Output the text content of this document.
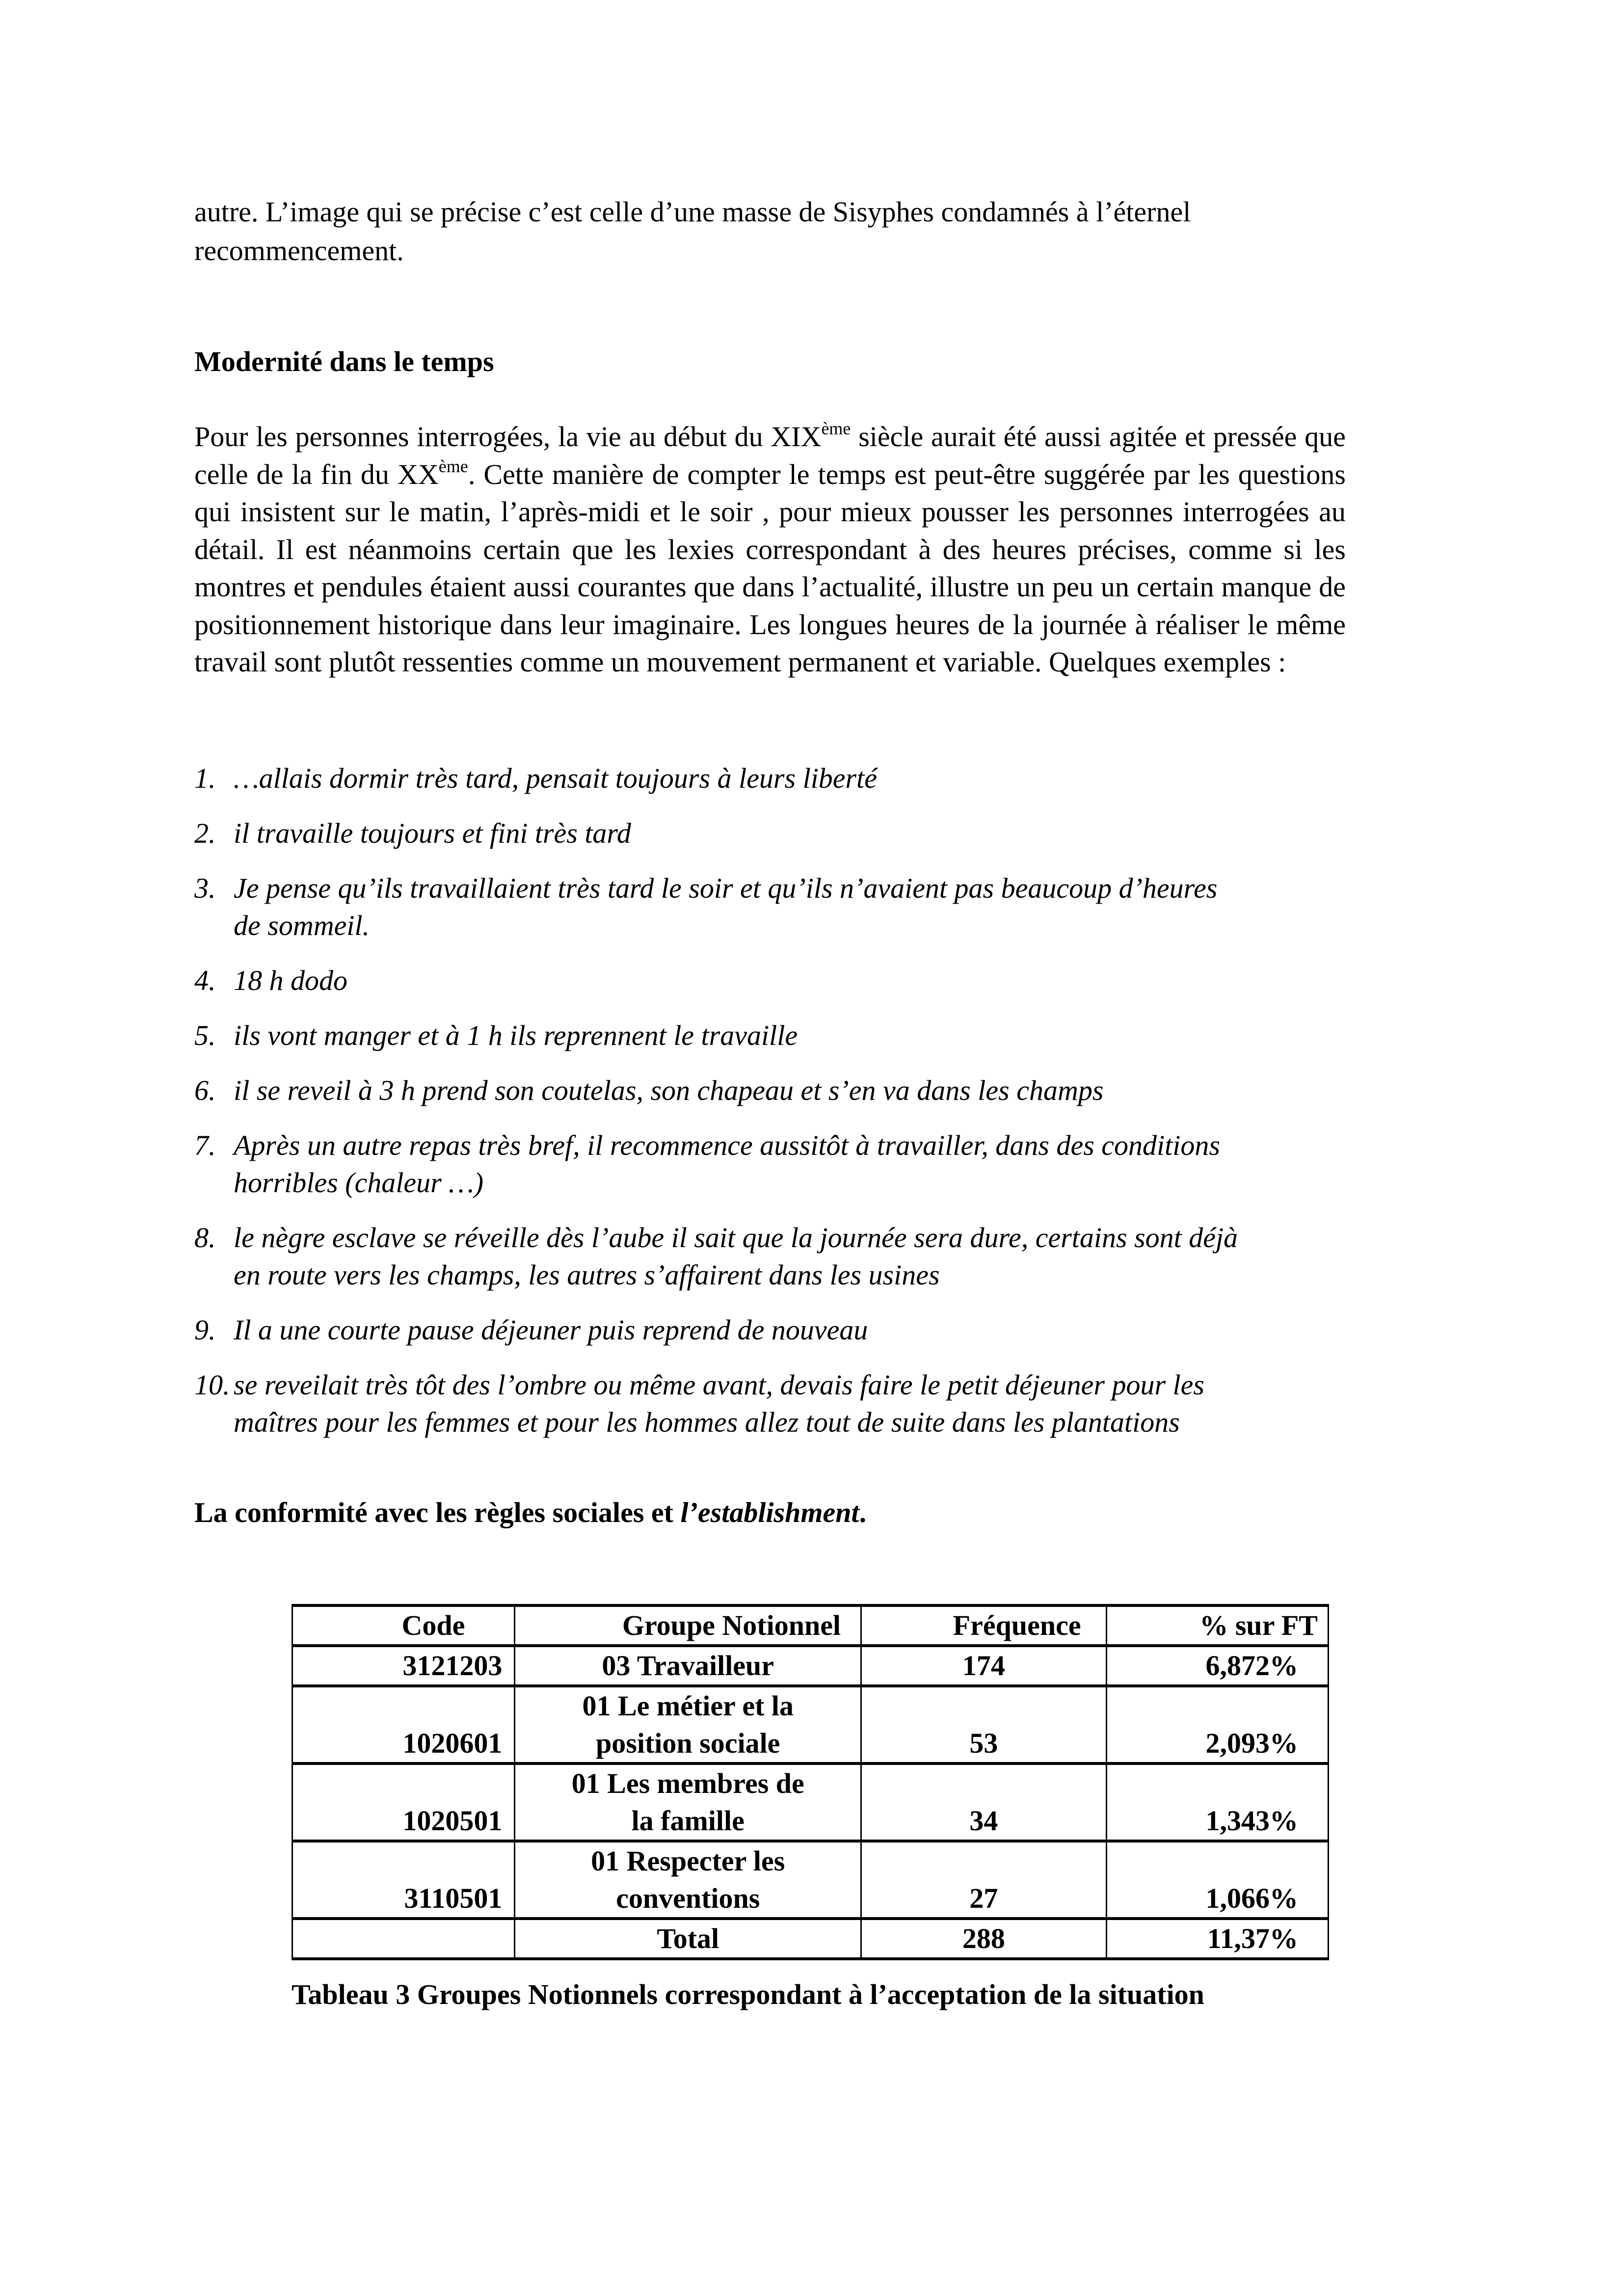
autre. L’image qui se précise c’est celle d’une masse de Sisyphes condamnés à l’éternel recommencement.

Modernité dans le temps

Pour les personnes interrogées, la vie au début du XIXème siècle aurait été aussi agitée et pressée que celle de la fin du XXème. Cette manière de compter le temps est peut-être suggérée par les questions qui insistent sur le matin, l’après-midi et le soir , pour mieux pousser les personnes interrogées au détail. Il est néanmoins certain que les lexies correspondant à des heures précises, comme si les montres et pendules étaient aussi courantes que dans l’actualité, illustre un peu un certain manque de positionnement historique dans leur imaginaire. Les longues heures de la journée à réaliser le même travail sont plutôt ressenties comme un mouvement permanent et variable. Quelques exemples :

1. …allais dormir très tard, pensait toujours à leurs liberté
2. il travaille toujours et fini très tard
3. Je pense qu’ils travaillaient très tard le soir et qu’ils n’avaient pas beaucoup d’heures
de sommeil.
4. 18 h dodo
5. ils vont manger et à 1 h ils reprennent le travaille
6. il se reveil à 3 h prend son coutelas, son chapeau et s’en va dans les champs
7. Après un autre repas très bref, il recommence aussitôt à travailler, dans des conditions
horribles (chaleur …)
8. le nègre esclave se réveille dès l’aube il sait que la journée sera dure, certains sont déjà
en route vers les champs, les autres s’affairent dans les usines
9. Il a une courte pause déjeuner puis reprend de nouveau
10. se reveilait très tôt des l’ombre ou même avant, devais faire le petit déjeuner pour les
maîtres pour les femmes et pour les hommes allez tout de suite dans les plantations
La conformité avec les règles sociales et l’establishment.
Code	Groupe Notionnel	Fréquence	% sur FT
3121203	03 Travailleur	174	6,872%
1020601	01 Le métier et la
position sociale	53	2,093%
1020501	01 Les membres de
la famille	34	1,343%
3110501	01 Respecter les
conventions	27	1,066%
	Total	288	11,37%

Tableau 3 Groupes Notionnels correspondant à l’acceptation de la situation
